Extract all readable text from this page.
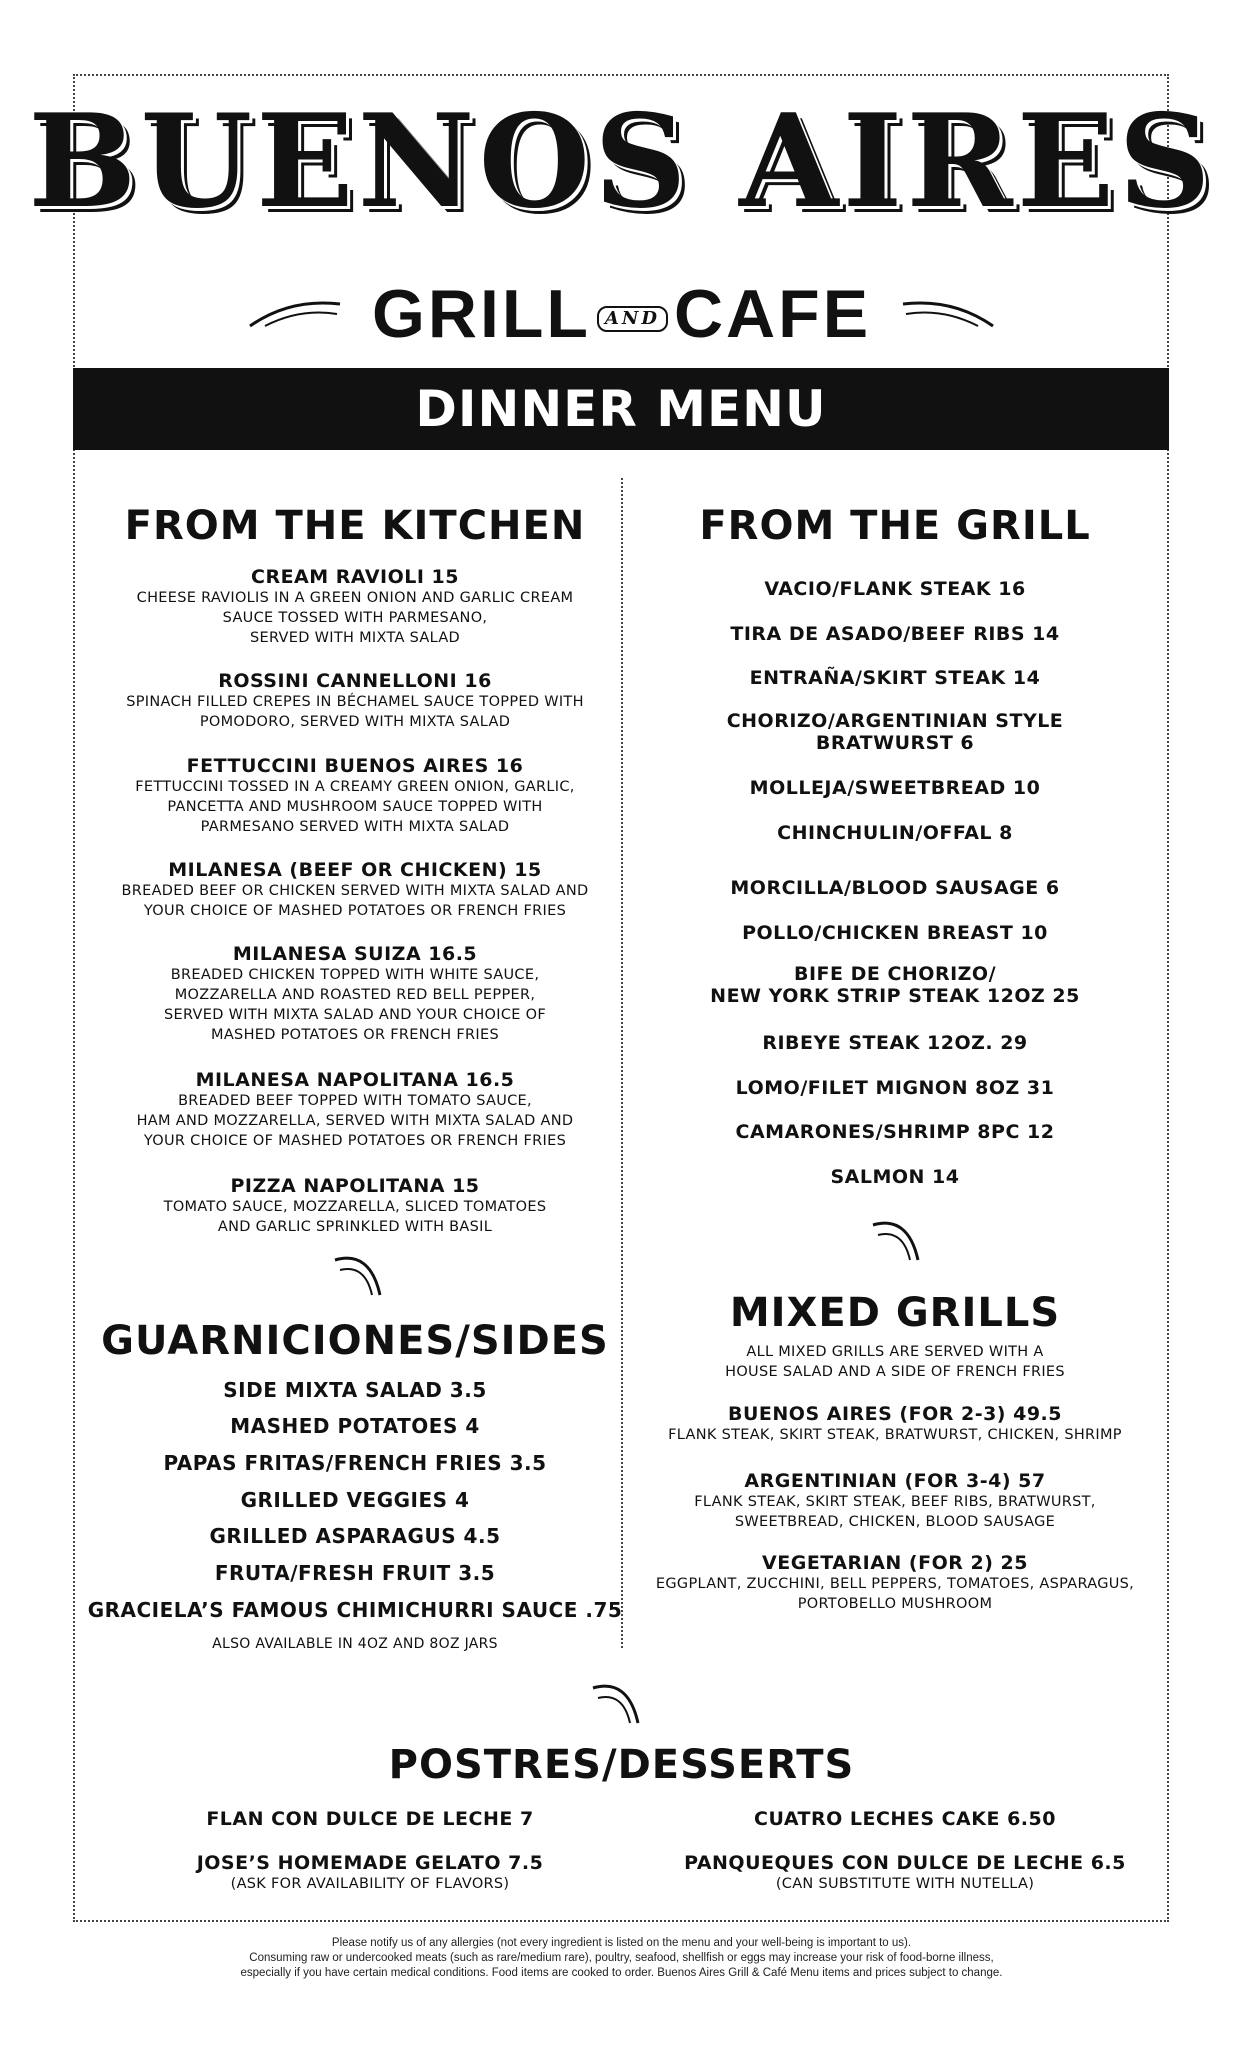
BUENOS AIRES
GRILL AND CAFE
DINNER MENU
FROM THE KITCHEN
CREAM RAVIOLI 15
CHEESE RAVIOLIS IN A GREEN ONION AND GARLIC CREAM
SAUCE TOSSED WITH PARMESANO,
SERVED WITH MIXTA SALAD
ROSSINI CANNELLONI 16
SPINACH FILLED CREPES IN BÉCHAMEL SAUCE TOPPED WITH
POMODORO, SERVED WITH MIXTA SALAD
FETTUCCINI BUENOS AIRES 16
FETTUCCINI TOSSED IN A CREAMY GREEN ONION, GARLIC,
PANCETTA AND MUSHROOM SAUCE TOPPED WITH
PARMESANO SERVED WITH MIXTA SALAD
MILANESA (BEEF OR CHICKEN) 15
BREADED BEEF OR CHICKEN SERVED WITH MIXTA SALAD AND
YOUR CHOICE OF MASHED POTATOES OR FRENCH FRIES
MILANESA SUIZA 16.5
BREADED CHICKEN TOPPED WITH WHITE SAUCE,
MOZZARELLA AND ROASTED RED BELL PEPPER,
SERVED WITH MIXTA SALAD AND YOUR CHOICE OF
MASHED POTATOES OR FRENCH FRIES
MILANESA NAPOLITANA 16.5
BREADED BEEF TOPPED WITH TOMATO SAUCE,
HAM AND MOZZARELLA, SERVED WITH MIXTA SALAD AND
YOUR CHOICE OF MASHED POTATOES OR FRENCH FRIES
PIZZA NAPOLITANA 15
TOMATO SAUCE, MOZZARELLA, SLICED TOMATOES
AND GARLIC SPRINKLED WITH BASIL
GUARNICIONES/SIDES
SIDE MIXTA SALAD 3.5
MASHED POTATOES 4
PAPAS FRITAS/FRENCH FRIES 3.5
GRILLED VEGGIES 4
GRILLED ASPARAGUS 4.5
FRUTA/FRESH FRUIT 3.5
GRACIELA’S FAMOUS CHIMICHURRI SAUCE .75
ALSO AVAILABLE IN 4OZ AND 8OZ JARS
FROM THE GRILL
VACIO/FLANK STEAK 16
TIRA DE ASADO/BEEF RIBS 14
ENTRAÑA/SKIRT STEAK 14
CHORIZO/ARGENTINIAN STYLE
BRATWURST 6
MOLLEJA/SWEETBREAD 10
CHINCHULIN/OFFAL 8
MORCILLA/BLOOD SAUSAGE 6
POLLO/CHICKEN BREAST 10
BIFE DE CHORIZO/
NEW YORK STRIP STEAK 12OZ 25
RIBEYE STEAK 12OZ. 29
LOMO/FILET MIGNON 8OZ 31
CAMARONES/SHRIMP 8PC 12
SALMON 14
MIXED GRILLS
ALL MIXED GRILLS ARE SERVED WITH A
HOUSE SALAD AND A SIDE OF FRENCH FRIES
BUENOS AIRES (FOR 2-3) 49.5
FLANK STEAK, SKIRT STEAK, BRATWURST, CHICKEN, SHRIMP
ARGENTINIAN (FOR 3-4) 57
FLANK STEAK, SKIRT STEAK, BEEF RIBS, BRATWURST,
SWEETBREAD, CHICKEN, BLOOD SAUSAGE
VEGETARIAN (FOR 2) 25
EGGPLANT, ZUCCHINI, BELL PEPPERS, TOMATOES, ASPARAGUS,
PORTOBELLO MUSHROOM
POSTRES/DESSERTS
FLAN CON DULCE DE LECHE 7
JOSE’S HOMEMADE GELATO 7.5
(ASK FOR AVAILABILITY OF FLAVORS)
CUATRO LECHES CAKE 6.50
PANQUEQUES CON DULCE DE LECHE 6.5
(CAN SUBSTITUTE WITH NUTELLA)
Please notify us of any allergies (not every ingredient is listed on the menu and your well-being is important to us).
Consuming raw or undercooked meats (such as rare/medium rare), poultry, seafood, shellfish or eggs may increase your risk of food-borne illness,
especially if you have certain medical conditions. Food items are cooked to order. Buenos Aires Grill & Café Menu items and prices subject to change.
